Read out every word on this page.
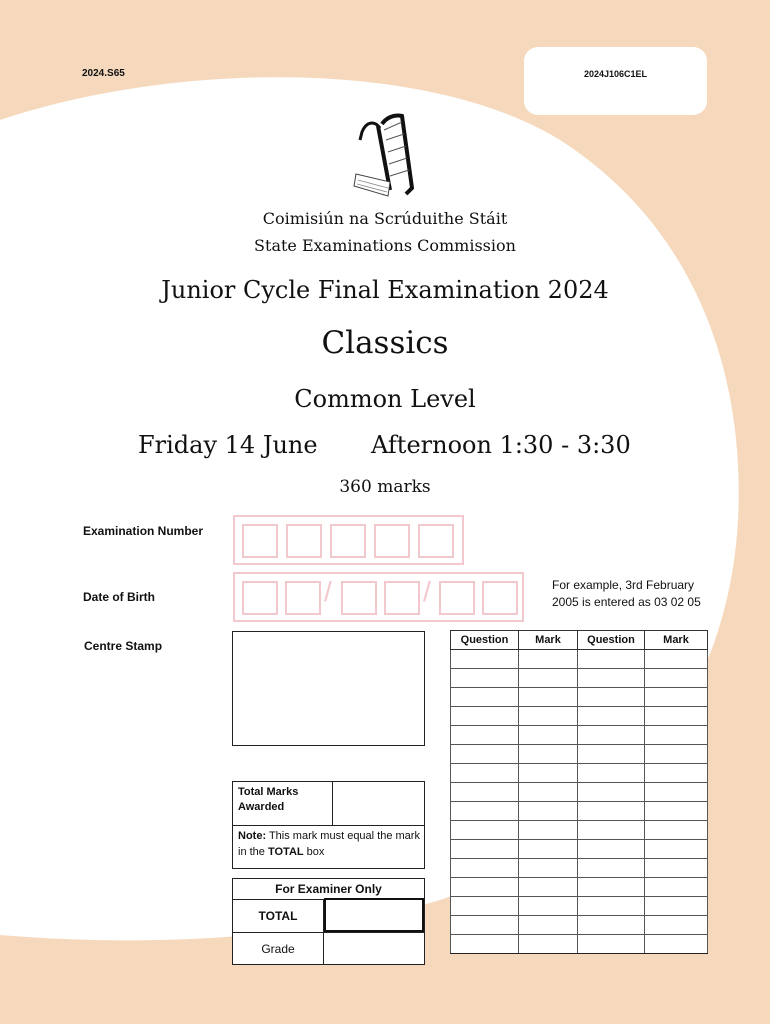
2024.S65	2024J106C1EL
Coimisiún na Scrúduithe Stáit
State Examinations Commission
Junior Cycle Final Examination 2024
Classics
Common Level
Friday 14 June Afternoon 1:30 - 3:30
360 marks
Examination Number
Date of Birth	/	/	For example, 3rd February
2005 is entered as 03 02 05
Centre Stamp
Total Marks Awarded
Note: This mark must equal the mark in the TOTAL box
For Examiner Only
TOTAL
Grade
Question	Mark	Question	Mark
